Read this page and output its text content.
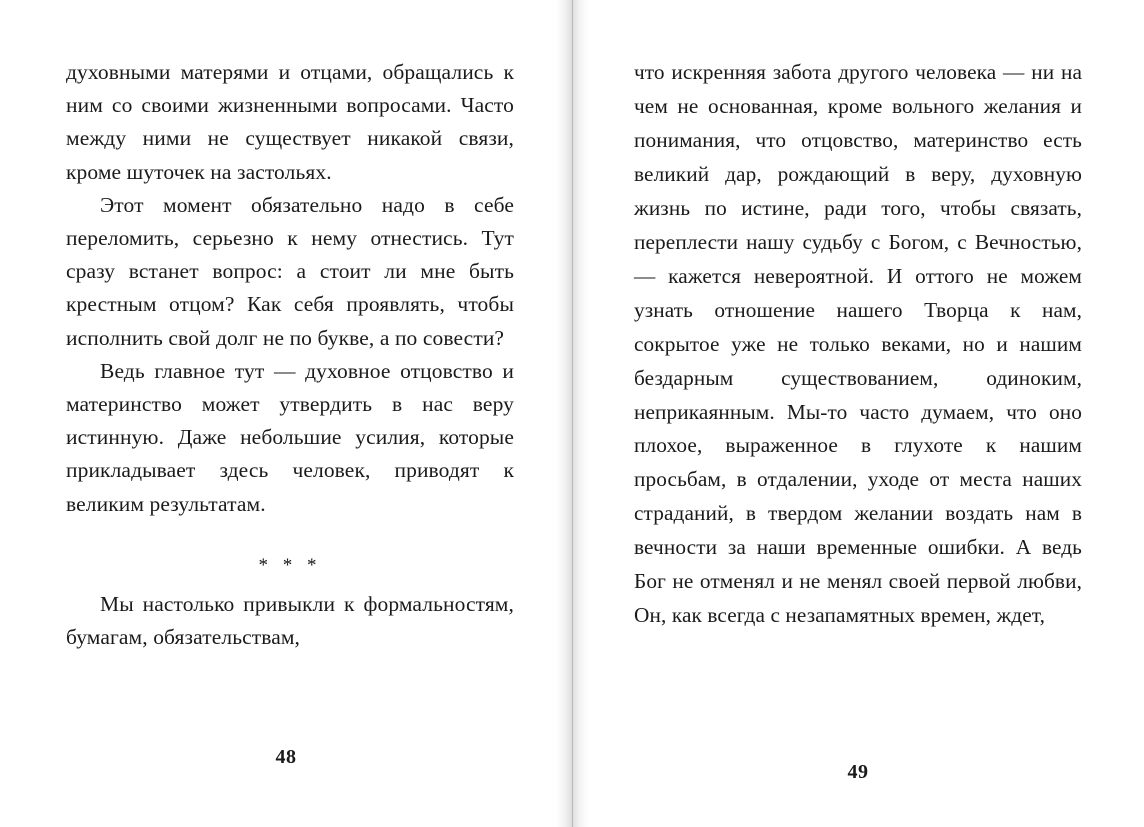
духовными матерями и отцами, обращались к ним со своими жизненными вопросами. Часто между ними не существует никакой связи, кроме шуточек на застольях.

Этот момент обязательно надо в себе переломить, серьезно к нему отнестись. Тут сразу встанет вопрос: а стоит ли мне быть крестным отцом? Как себя проявлять, чтобы исполнить свой долг не по букве, а по совести?

Ведь главное тут — духовное отцовство и материнство может утвердить в нас веру истинную. Даже небольшие усилия, которые прикладывает здесь человек, приводят к великим результатам.

* * *

Мы настолько привыкли к формальностям, бумагам, обязательствам,

48

что искренняя забота другого человека — ни на чем не основанная, кроме вольного желания и понимания, что отцовство, материнство есть великий дар, рождающий в веру, духовную жизнь по истине, ради того, чтобы связать, переплести нашу судьбу с Богом, с Вечностью, — кажется невероятной. И оттого не можем узнать отношение нашего Творца к нам, сокрытое уже не только веками, но и нашим бездарным существованием, одиноким, неприкаянным. Мы-то часто думаем, что оно плохое, выраженное в глухоте к нашим просьбам, в отдалении, уходе от места наших страданий, в твердом желании воздать нам в вечности за наши временные ошибки. А ведь Бог не отменял и не менял своей первой любви, Он, как всегда с незапамятных времен, ждет,

49
